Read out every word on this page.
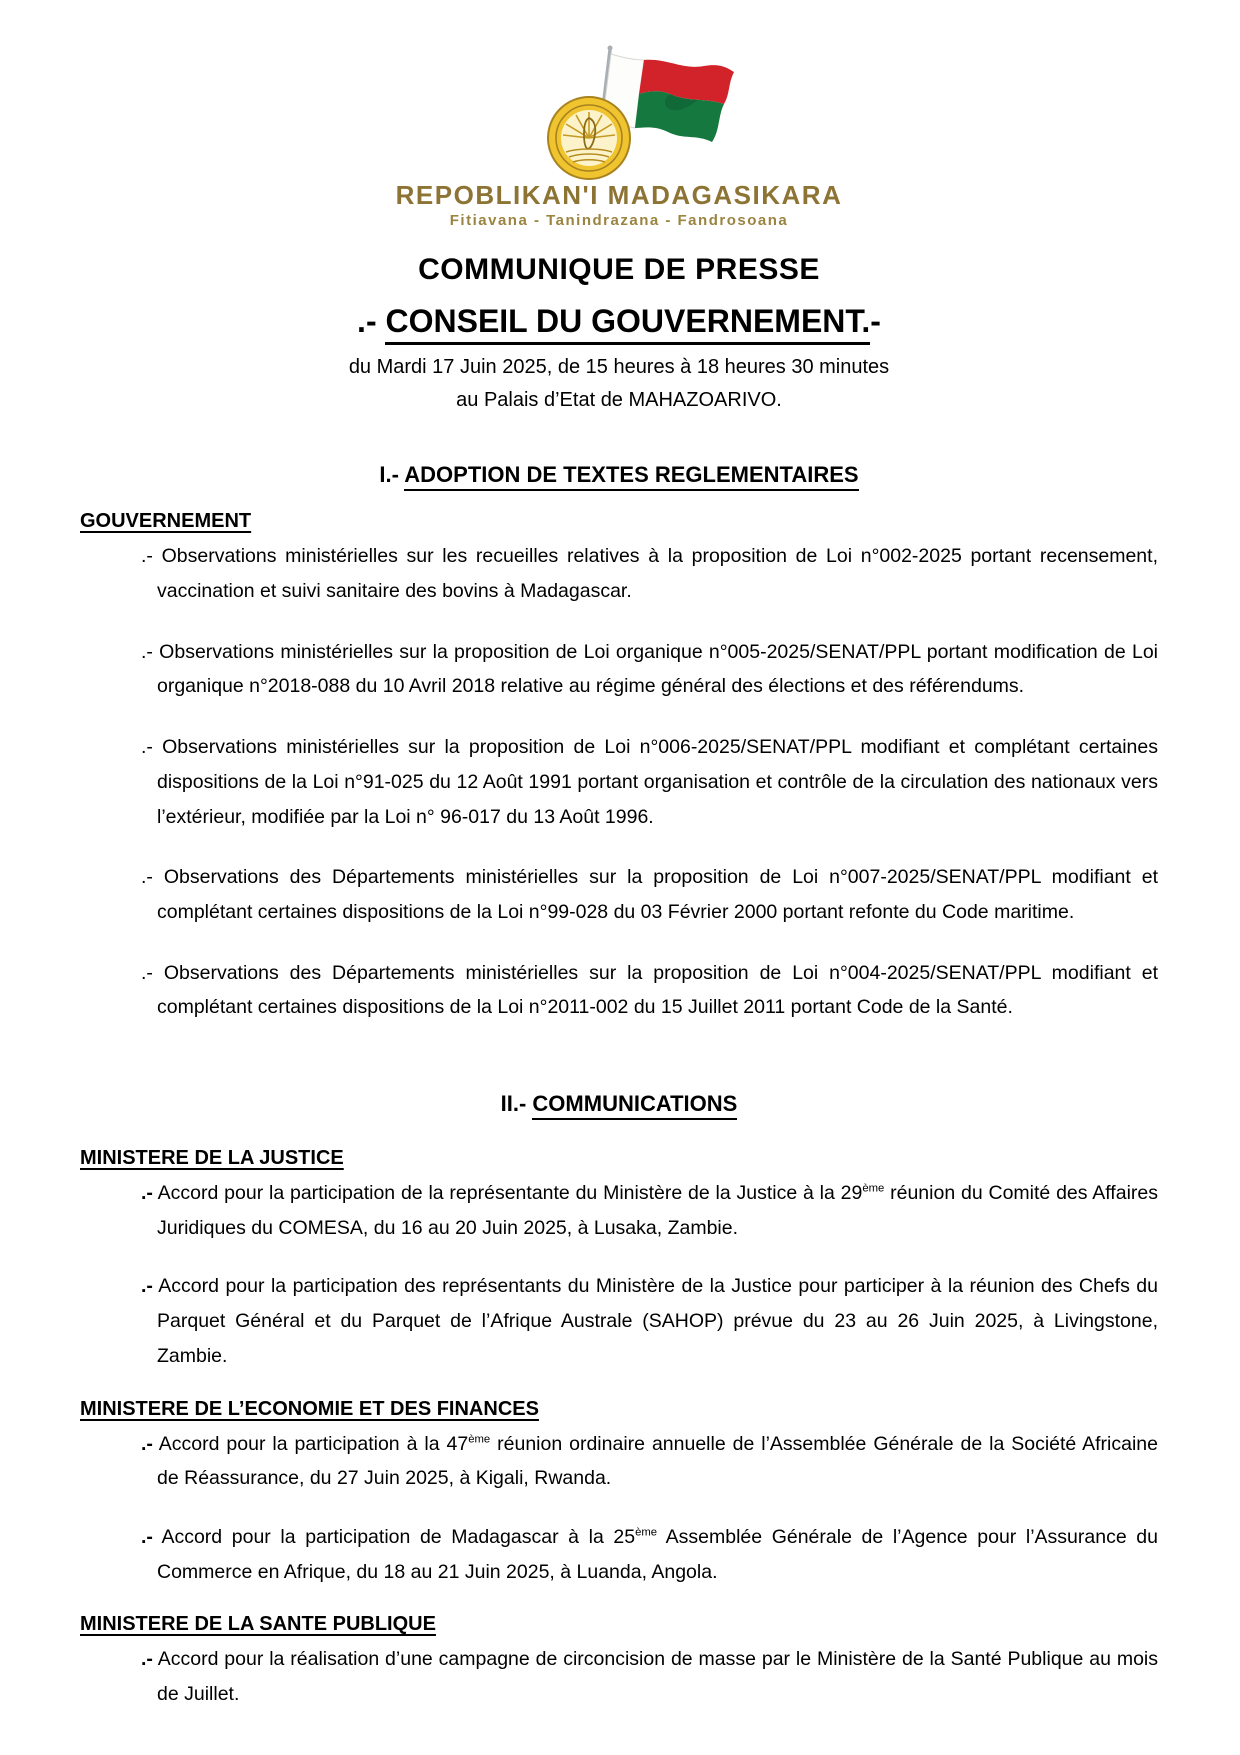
REPOBLIKAN'I MADAGASIKARA
Fitiavana - Tanindrazana - Fandrosoana
COMMUNIQUE DE PRESSE
.- CONSEIL DU GOUVERNEMENT.-
du Mardi 17 Juin 2025, de 15 heures à 18 heures 30 minutes
au Palais d’Etat de MAHAZOARIVO.
I.- ADOPTION DE TEXTES REGLEMENTAIRES
GOUVERNEMENT

.- Observations ministérielles sur les recueilles relatives à la proposition de Loi n°002-2025 portant recensement, vaccination et suivi sanitaire des bovins à Madagascar.

.- Observations ministérielles sur la proposition de Loi organique n°005-2025/SENAT/PPL portant modification de Loi organique n°2018-088 du 10 Avril 2018 relative au régime général des élections et des référendums.

.- Observations ministérielles sur la proposition de Loi n°006-2025/SENAT/PPL modifiant et complétant certaines dispositions de la Loi n°91-025 du 12 Août 1991 portant organisation et contrôle de la circulation des nationaux vers l’extérieur, modifiée par la Loi n° 96-017 du 13 Août 1996.

.- Observations des Départements ministérielles sur la proposition de Loi n°007-2025/SENAT/PPL modifiant et complétant certaines dispositions de la Loi n°99-028 du 03 Février 2000 portant refonte du Code maritime.

.- Observations des Départements ministérielles sur la proposition de Loi n°004-2025/SENAT/PPL modifiant et complétant certaines dispositions de la Loi n°2011-002 du 15 Juillet 2011 portant Code de la Santé.

II.- COMMUNICATIONS
MINISTERE DE LA JUSTICE

.- Accord pour la participation de la représentante du Ministère de la Justice à la 29ème réunion du Comité des Affaires Juridiques du COMESA, du 16 au 20 Juin 2025, à Lusaka, Zambie.

.- Accord pour la participation des représentants du Ministère de la Justice pour participer à la réunion des Chefs du Parquet Général et du Parquet de l’Afrique Australe (SAHOP) prévue du 23 au 26 Juin 2025, à Livingstone, Zambie.

MINISTERE DE L’ECONOMIE ET DES FINANCES

.- Accord pour la participation à la 47ème réunion ordinaire annuelle de l’Assemblée Générale de la Société Africaine de Réassurance, du 27 Juin 2025, à Kigali, Rwanda.

.- Accord pour la participation de Madagascar à la 25ème Assemblée Générale de l’Agence pour l’Assurance du Commerce en Afrique, du 18 au 21 Juin 2025, à Luanda, Angola.

MINISTERE DE LA SANTE PUBLIQUE

.- Accord pour la réalisation d’une campagne de circoncision de masse par le Ministère de la Santé Publique au mois de Juillet.
